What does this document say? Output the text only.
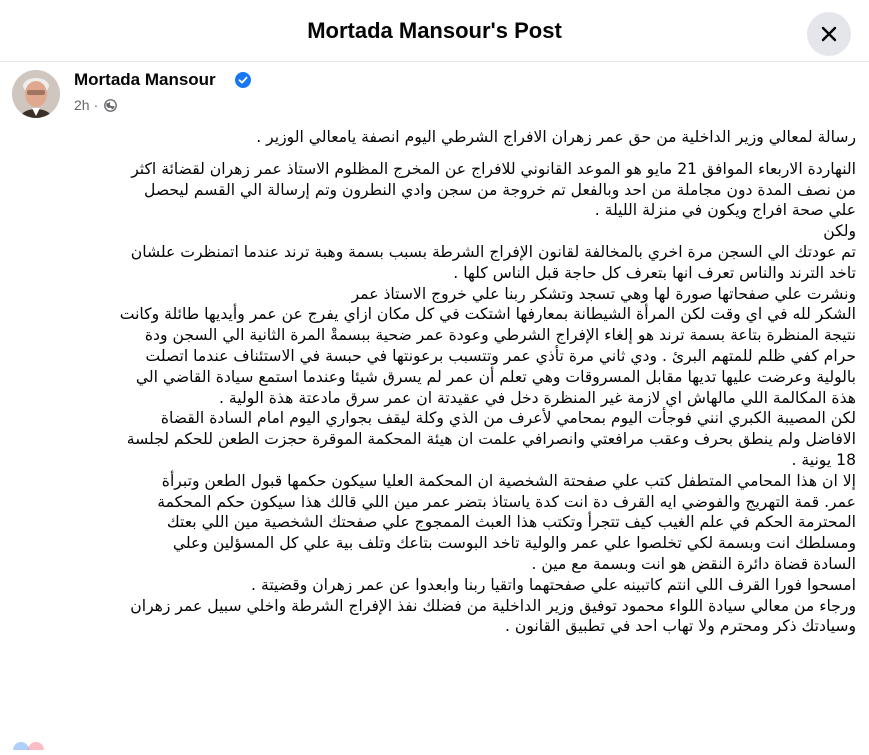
Mortada Mansour's Post
Mortada Mansour
2h ·

رسالة لمعالي وزير الداخلية من حق عمر زهران الافراج الشرطي اليوم انصفة يامعالي الوزير .

النهاردة الاربعاء الموافق 21 مايو هو الموعد القانوني للافراج عن المخرج المظلوم الاستاذ عمر زهران لقضائة اكثر

من نصف المدة دون مجاملة من احد وبالفعل تم خروجة من سجن وادي النطرون وتم إرسالة الي القسم ليحصل

علي صحة افراج ويكون في منزلة الليلة .

ولكن

تم عودتك الي السجن مرة اخري بالمخالفة لقانون الإفراج الشرطة بسبب بسمة وهبة ترند عندما اتمنظرت علشان

تاخد الترند والناس تعرف انها بتعرف كل حاجة قبل الناس كلها .

ونشرت علي صفحاتها صورة لها وهي تسجد وتشكر ربنا علي خروج الاستاذ عمر

الشكر لله في اي وقت لكن المرأة الشيطانة بمعارفها اشتكت في كل مكان ازاي يفرج عن عمر وأيديها طائلة وكانت

نتيجة المنظرة بتاعة بسمة ترند هو إلغاء الإفراج الشرطي وعودة عمر ضحية ببسمةْ المرة الثانية الي السجن ودة

حرام كفي ظلم للمتهم البرئ . ودي ثاني مرة تأذي عمر وتتسبب برعونتها في حبسة في الاستئناف عندما اتصلت

بالولية وعرضت عليها تديها مقابل المسروقات وهي تعلم أن عمر لم يسرق شيئا وعندما استمع سيادة القاضي الي

هذة المكالمة اللي مالهاش اي لازمة غير المنظرة دخل في عقيدتة ان عمر سرق مادعتة هذة الولية .

لكن المصيبة الكبري انني فوجأت اليوم بمحامي لأعرف من الذي وكلة ليقف بجواري اليوم امام السادة القضاة

الافاضل ولم ينطق بحرف وعقب مرافعتي وانصرافي علمت ان هيئة المحكمة الموقرة حجزت الطعن للحكم لجلسة

18 يونية .

إلا ان هذا المحامي المتطفل كتب علي صفحتة الشخصية ان المحكمة العليا سيكون حكمها قبول الطعن وتبرأة

عمر. قمة التهريج والفوضي ايه القرف دة انت كدة ياستاذ بتضر عمر مين اللي قالك هذا سيكون حكم المحكمة

المحترمة الحكم في علم الغيب كيف تتجرأ وتكتب هذا العبث الممجوج علي صفحتك الشخصية مين اللي بعتك

ومسلطك انت وبسمة لكي تخلصوا علي عمر والولية تاخد البوست بتاعك وتلف بية علي كل المسؤلين وعلي

السادة قضاة دائرة النقض هو انت وبسمة مع مين .

امسحوا فورا القرف اللي انتم كاتبينه علي صفحتهما واتقيا ربنا وابعدوا عن عمر زهران وقضيتة .

ورجاء من معالي سيادة اللواء محمود توفيق وزير الداخلية من فضلك نفذ الإفراج الشرطة واخلي سبيل عمر زهران

وسيادتك ذكر ومحترم ولا تهاب احد في تطبيق القانون .
